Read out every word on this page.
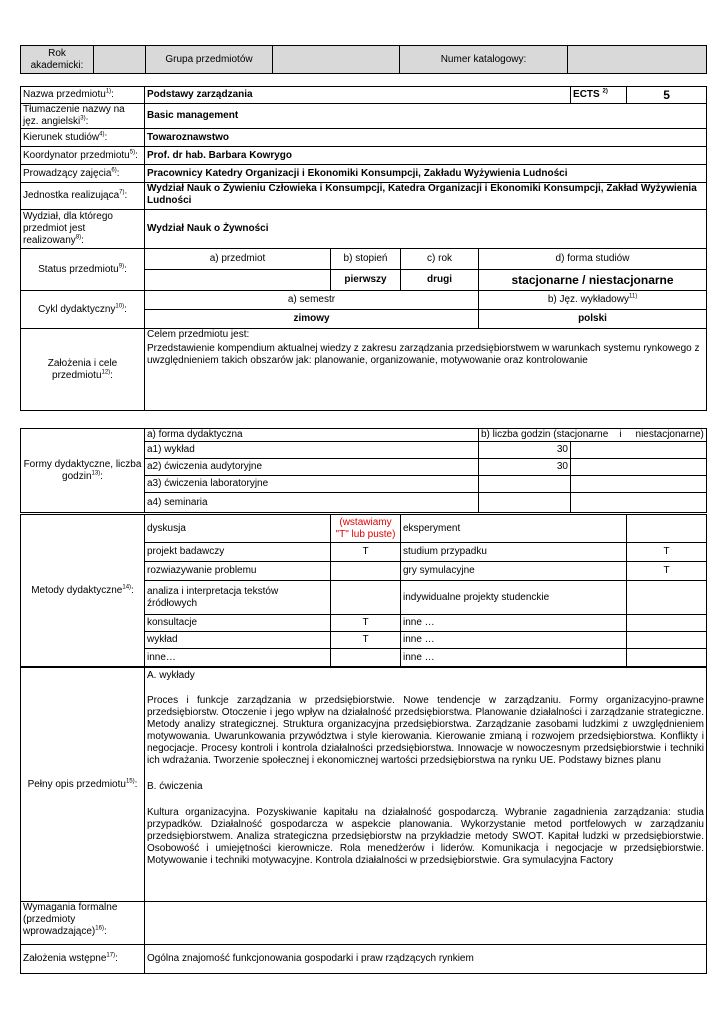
Rok akademicki:		Grupa przedmiotów		Numer katalogowy:	
Nazwa przedmiotu$^{1)}$:	Podstawy zarządzania				ECTS $^{2)}$	5
Tłumaczenie nazwy na jęz. angielski$^{3)}$:	Basic management					
Kierunek studiów$^{4)}$:	Towaroznawstwo					
Koordynator przedmiotu$^{5)}$:	Prof. dr hab. Barbara Kowrygo					
Prowadzący zajęcia$^{6)}$:	Pracownicy Katedry Organizacji i Ekonomiki Konsumpcji, Zakładu Wyżywienia Ludności					
Jednostka realizująca$^{7)}$:	Wydział Nauk o Żywieniu Człowieka i Konsumpcji, Katedra Organizacji i Ekonomiki Konsumpcji, Zakład Wyżywienia Ludności					
Wydział, dla którego przedmiot jest realizowany$^{8)}$:	Wydział Nauk o Żywności					
Status przedmiotu$^{9)}$:	a) przedmiot	b) stopień	c) rok	d) forma studiów		
		pierwszy	drugi	stacjonarne / niestacjonarne		
Cykl dydaktyczny$^{10)}$:	a) semestr			b) Jęz. wykładowy$^{11)}$
	zimowy			polski		
Założenia i cele przedmiotu$^{12)}$:	Celem przedmiotu jest:
Przedstawienie kompendium aktualnej wiedzy z zakresu zarządzania przedsiębiorstwem w warunkach systemu rynkowego z uwzględnieniem takich obszarów jak: planowanie, organizowanie, motywowanie oraz kontrolowanie					
Formy dydaktyczne, liczba godzin$^{13)}$:	a) forma dydaktyczna	b) liczba godzin (stacjonarne    i     niestacjonarne)	
	a1) wykład	30	
	a2) ćwiczenia audytoryjne	30	
	a3) ćwiczenia laboratoryjne		
	a4) seminaria		
Metody dydaktyczne$^{14)}$:	dyskusja	(wstawiamy "T" lub puste)	eksperyment	
	projekt badawczy	T	studium przypadku	T
	rozwiazywanie problemu		gry symulacyjne	T
	analiza i interpretacja tekstów źródłowych		indywidualne projekty studenckie	
	konsultacje	T	inne …	
	wykład	T	inne …	
	inne…		inne …	
Pełny opis przedmiotu$^{15)}$:	A. wykłady

Proces i funkcje zarządzania w przedsiębiorstwie. Nowe tendencje w zarządzaniu. Formy organizacyjno-prawne przedsiębiorstw. Otoczenie i jego wpływ na działalność przedsiębiorstwa. Planowanie działalności i zarządzanie strategiczne. Metody analizy strategicznej. Struktura organizacyjna przedsiębiorstwa. Zarządzanie zasobami ludzkimi z uwzględnieniem motywowania. Uwarunkowania przywództwa i style kierowania. Kierowanie zmianą i rozwojem przedsiębiorstwa. Konflikty i negocjacje. Procesy kontroli i kontrola działalności przedsiębiorstwa. Innowacje w nowoczesnym przedsiębiorstwie i techniki ich wdrażania. Tworzenie społecznej i ekonomicznej wartości przedsiębiorstwa na rynku UE. Podstawy biznes planu

B. ćwiczenia

Kultura organizacyjna. Pozyskiwanie kapitału na działalność gospodarczą. Wybranie zagadnienia zarządzania: studia przypadków. Działalność gospodarcza w aspekcie planowania. Wykorzystanie metod portfelowych w zarządzaniu przedsiębiorstwem. Analiza strategiczna przedsiębiorstw na przykładzie metody SWOT. Kapitał ludzki w przedsiębiorstwie. Osobowość i umiejętności kierownicze. Rola menedżerów i liderów. Komunikacja i negocjacje w przedsiębiorstwie. Motywowanie i techniki motywacyjne. Kontrola działalności w przedsiębiorstwie. Gra symulacyjna Factory

Wymagania formalne (przedmioty wprowadzające)$^{16)}$:	
Założenia wstępne$^{17)}$:	Ogólna znajomość funkcjonowania gospodarki i praw rządzących rynkiem
